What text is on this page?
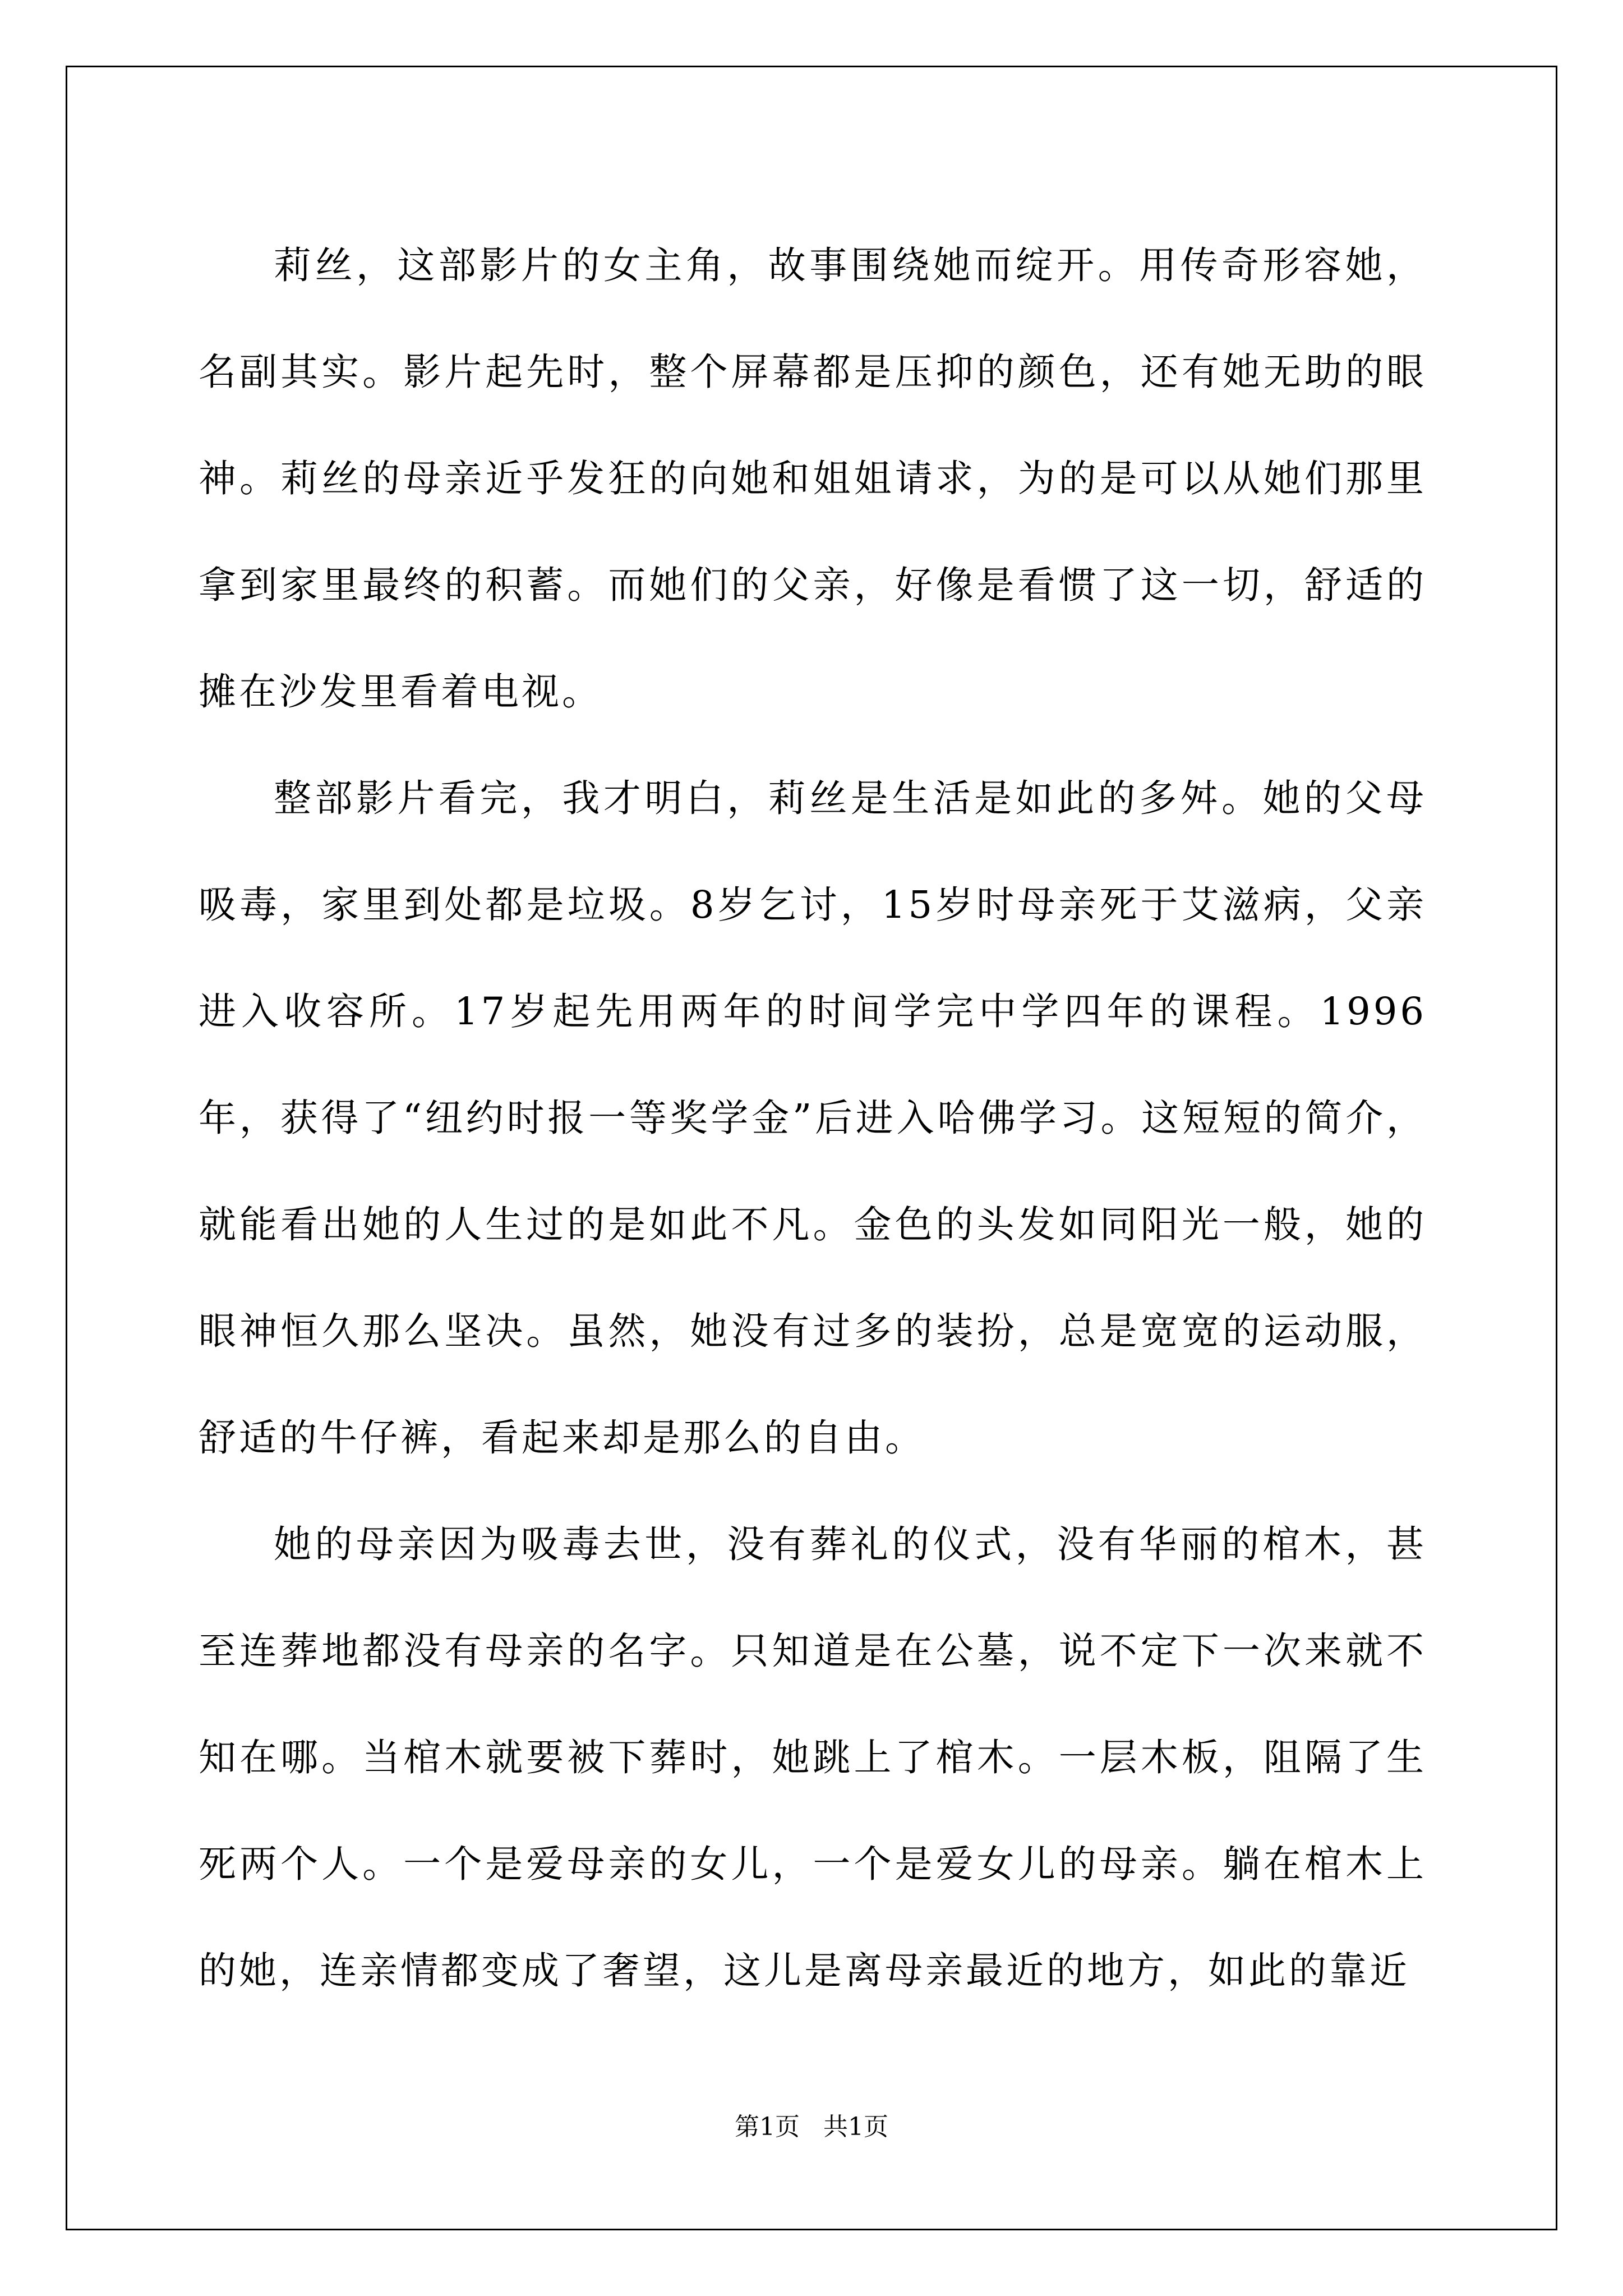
莉丝，这部影片的女主角，故事围绕她而绽开。用传奇形容她，名副其实。影片起先时，整个屏幕都是压抑的颜色，还有她无助的眼神。莉丝的母亲近乎发狂的向她和姐姐请求，为的是可以从她们那里拿到家里最终的积蓄。而她们的父亲，好像是看惯了这一切，舒适的摊在沙发里看着电视。

整部影片看完，我才明白，莉丝是生活是如此的多舛。她的父母吸毒，家里到处都是垃圾。8岁乞讨，15岁时母亲死于艾滋病，父亲进入收容所。17岁起先用两年的时间学完中学四年的课程。1996年，获得了“纽约时报一等奖学金”后进入哈佛学习。这短短的简介，就能看出她的人生过的是如此不凡。金色的头发如同阳光一般，她的眼神恒久那么坚决。虽然，她没有过多的装扮，总是宽宽的运动服，舒适的牛仔裤，看起来却是那么的自由。

她的母亲因为吸毒去世，没有葬礼的仪式，没有华丽的棺木，甚至连葬地都没有母亲的名字。只知道是在公墓，说不定下一次来就不知在哪。当棺木就要被下葬时，她跳上了棺木。一层木板，阻隔了生死两个人。一个是爱母亲的女儿，一个是爱女儿的母亲。躺在棺木上的她，连亲情都变成了奢望，这儿是离母亲最近的地方，如此的靠近

第1页   共1页
